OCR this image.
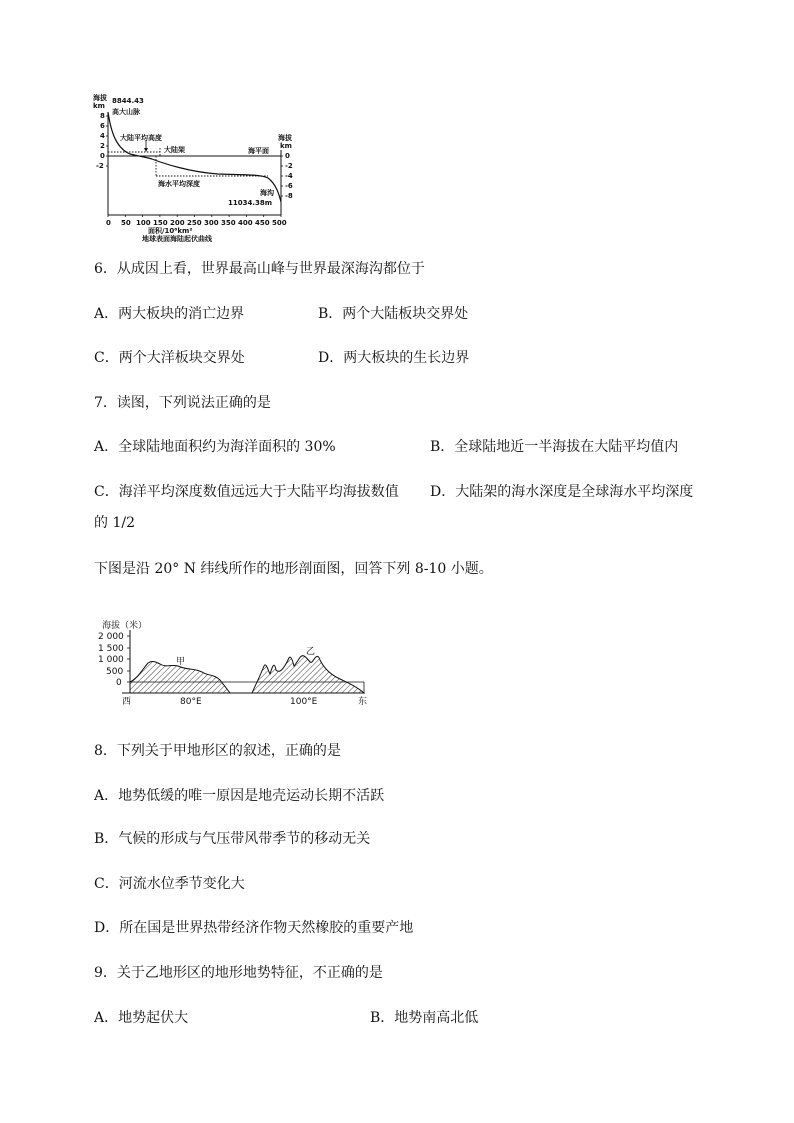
海拔
km
8844.43
高大山脉
8
6
4
2
0
-2
大陆平均高度
大陆架	海平面
海拔
km
0
-2
-4
-6
-8
海水平均深度
海沟
11034.38m
0 50 100 150 200 250 300 350 400 450 500
面积/10⁶km²
地球表面海陆起伏曲线
6．从成因上看，世界最高山峰与世界最深海沟都位于
A．两大板块的消亡边界	B．两个大陆板块交界处
C．两个大洋板块交界处	D．两大板块的生长边界
7．读图，下列说法正确的是
A．全球陆地面积约为海洋面积的 30%	B．全球陆地近一半海拔在大陆平均值内
C．海洋平均深度数值远远大于大陆平均海拔数值 D．大陆架的海水深度是全球海水平均深度
的 1/2
下图是沿 20° N 纬线所作的地形剖面图，回答下列 8-10 小题。
海拔（米）
2 000
1 500
1 000
500
0
甲
乙
西	80°E	100°E	东
8．下列关于甲地形区的叙述，正确的是
A．地势低缓的唯一原因是地壳运动长期不活跃
B．气候的形成与气压带风带季节的移动无关
C．河流水位季节变化大
D．所在国是世界热带经济作物天然橡胶的重要产地
9．关于乙地形区的地形地势特征，不正确的是
A．地势起伏大	B．地势南高北低
